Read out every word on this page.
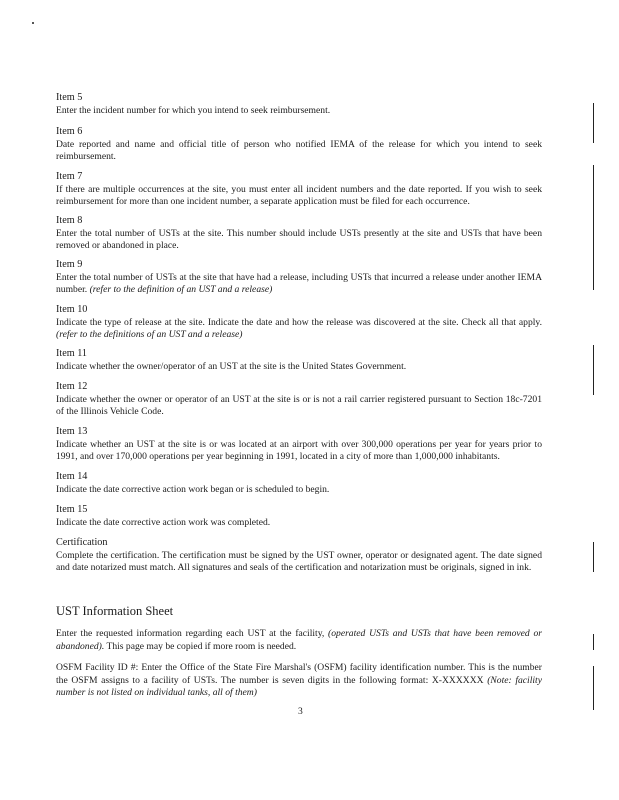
Item 5
Enter the incident number for which you intend to seek reimbursement.
Item 6
Date reported and name and official title of person who notified IEMA of the release for which you intend to seek reimbursement.
Item 7
If there are multiple occurrences at the site, you must enter all incident numbers and the date reported. If you wish to seek reimbursement for more than one incident number, a separate application must be filed for each occurrence.
Item 8
Enter the total number of USTs at the site. This number should include USTs presently at the site and USTs that have been removed or abandoned in place.
Item 9
Enter the total number of USTs at the site that have had a release, including USTs that incurred a release under another IEMA number. (refer to the definition of an UST and a release)
Item 10
Indicate the type of release at the site. Indicate the date and how the release was discovered at the site. Check all that apply. (refer to the definitions of an UST and a release)
Item 11
Indicate whether the owner/operator of an UST at the site is the United States Government.
Item 12
Indicate whether the owner or operator of an UST at the site is or is not a rail carrier registered pursuant to Section 18c-7201 of the Illinois Vehicle Code.
Item 13
Indicate whether an UST at the site is or was located at an airport with over 300,000 operations per year for years prior to 1991, and over 170,000 operations per year beginning in 1991, located in a city of more than 1,000,000 inhabitants.
Item 14
Indicate the date corrective action work began or is scheduled to begin.
Item 15
Indicate the date corrective action work was completed.
Certification
Complete the certification. The certification must be signed by the UST owner, operator or designated agent. The date signed and date notarized must match. All signatures and seals of the certification and notarization must be originals, signed in ink.
UST Information Sheet
Enter the requested information regarding each UST at the facility, (operated USTs and USTs that have been removed or abandoned). This page may be copied if more room is needed.
OSFM Facility ID #: Enter the Office of the State Fire Marshal's (OSFM) facility identification number. This is the number the OSFM assigns to a facility of USTs. The number is seven digits in the following format: X-XXXXXX (Note: facility number is not listed on individual tanks, all of them)
3
